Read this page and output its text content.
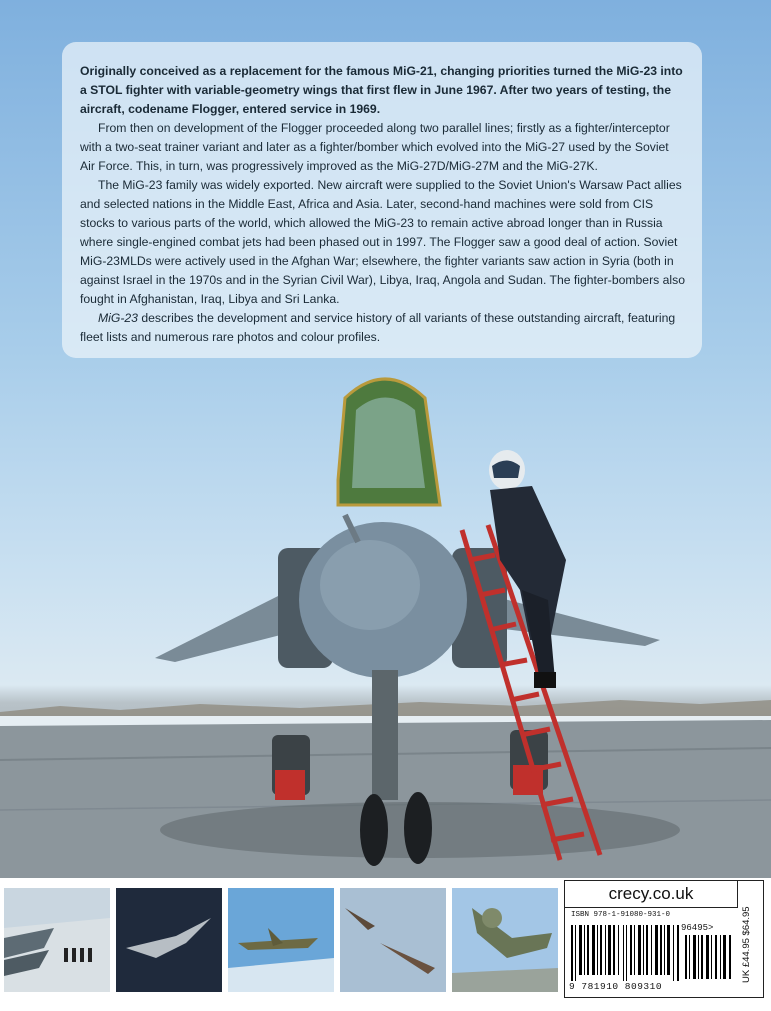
Originally conceived as a replacement for the famous MiG-21, changing priorities turned the MiG-23 into a STOL fighter with variable-geometry wings that first flew in June 1967. After two years of testing, the aircraft, codename Flogger, entered service in 1969.

From then on development of the Flogger proceeded along two parallel lines; firstly as a fighter/interceptor with a two-seat trainer variant and later as a fighter/bomber which evolved into the MiG-27 used by the Soviet Air Force. This, in turn, was progressively improved as the MiG-27D/MiG-27M and the MiG-27K.

The MiG-23 family was widely exported. New aircraft were supplied to the Soviet Union's Warsaw Pact allies and selected nations in the Middle East, Africa and Asia. Later, second-hand machines were sold from CIS stocks to various parts of the world, which allowed the MiG-23 to remain active abroad longer than in Russia where single-engined combat jets had been phased out in 1997. The Flogger saw a good deal of action. Soviet MiG-23MLDs were actively used in the Afghan War; elsewhere, the fighter variants saw action in Syria (both in against Israel in the 1970s and in the Syrian Civil War), Libya, Iraq, Angola and Sudan. The fighter-bombers also fought in Afghanistan, Iraq, Libya and Sri Lanka.

MiG-23 describes the development and service history of all variants of these outstanding aircraft, featuring fleet lists and numerous rare photos and colour profiles.

crecy.co.uk
ISBN 978-1-91080-931-0
96495>
9 781910 809310
UK £44.95 $64.95
